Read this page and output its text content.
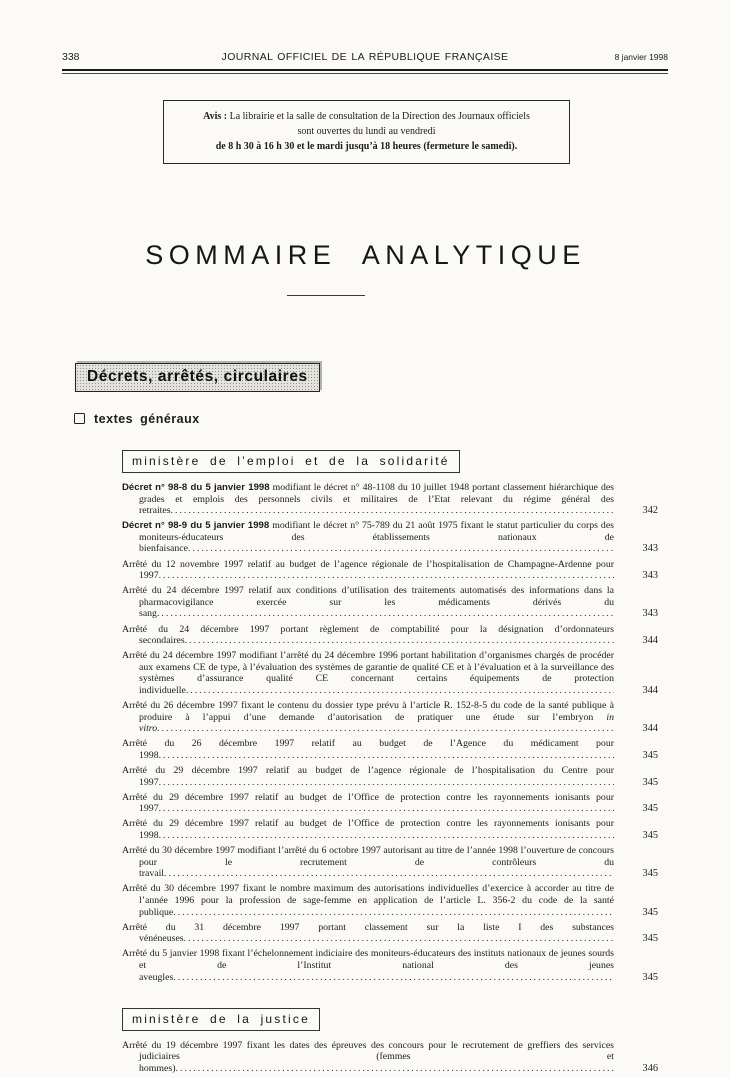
338	JOURNAL OFFICIEL DE LA RÉPUBLIQUE FRANÇAISE	8 janvier 1998
Avis : La librairie et la salle de consultation de la Direction des Journaux officiels
sont ouvertes du lundi au vendredi
de 8 h 30 à 16 h 30 et le mardi jusqu’à 18 heures (fermeture le samedi).
SOMMAIRE ANALYTIQUE
Décrets, arrêtés, circulaires
textes généraux
ministère de l’emploi et de la solidarité

Décret n° 98-8 du 5 janvier 1998 modifiant le décret n° 48-1108 du 10 juillet 1948 portant classement hiérarchique des grades et emplois des personnels civils et militaires de l’Etat relevant du régime général des retraites .....	342

Décret n° 98-9 du 5 janvier 1998 modifiant le décret n° 75-789 du 21 août 1975 fixant le statut particulier du corps des moniteurs-éducateurs des établissements nationaux de bienfaisance .....	343

Arrêté du 12 novembre 1997 relatif au budget de l’agence régionale de l’hospitalisation de Champagne-Ardenne pour 1997 .....	343

Arrêté du 24 décembre 1997 relatif aux conditions d’utilisation des traitements automatisés des informations dans la pharmacovigilance exercée sur les médicaments dérivés du sang .....	343

Arrêté du 24 décembre 1997 portant règlement de comptabilité pour la désignation d’ordonnateurs secondaires .....	344

Arrêté du 24 décembre 1997 modifiant l’arrêté du 24 décembre 1996 portant habilitation d’organismes chargés de procéder aux examens CE de type, à l’évaluation des systèmes de garantie de qualité CE et à l’évaluation et à la surveillance des systèmes d’assurance qualité CE concernant certains équipements de protection individuelle .....	344

Arrêté du 26 décembre 1997 fixant le contenu du dossier type prévu à l’article R. 152-8-5 du code de la santé publique à produire à l’appui d’une demande d’autorisation de pratiquer une étude sur l’embryon in vitro .....	344

Arrêté du 26 décembre 1997 relatif au budget de l’Agence du médicament pour 1998 .....	345

Arrêté du 29 décembre 1997 relatif au budget de l’agence régionale de l’hospitalisation du Centre pour 1997 .....	345

Arrêté du 29 décembre 1997 relatif au budget de l’Office de protection contre les rayonnements ionisants pour 1997 .....	345

Arrêté du 29 décembre 1997 relatif au budget de l’Office de protection contre les rayonnements ionisants pour 1998 .....	345

Arrêté du 30 décembre 1997 modifiant l’arrêté du 6 octobre 1997 autorisant au titre de l’année 1998 l’ouverture de concours pour le recrutement de contrôleurs du travail .....	345

Arrêté du 30 décembre 1997 fixant le nombre maximum des autorisations individuelles d’exercice à accorder au titre de l’année 1996 pour la profession de sage-femme en application de l’article L. 356-2 du code de la santé publique .....	345

Arrêté du 31 décembre 1997 portant classement sur la liste I des substances vénéneuses .....	345

Arrêté du 5 janvier 1998 fixant l’échelonnement indiciaire des moniteurs-éducateurs des instituts nationaux de jeunes sourds et de l’Institut national des jeunes aveugles .....	345
ministère de la justice

Arrêté du 19 décembre 1997 fixant les dates des épreuves des concours pour le recrutement de greffiers des services judiciaires (femmes et hommes) .....	346
